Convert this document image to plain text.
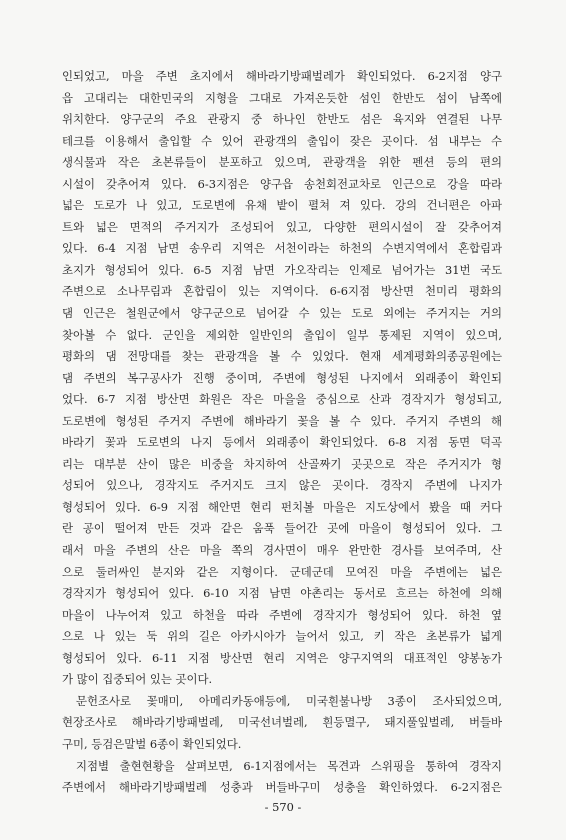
인되었고, 마을 주변 초지에서 해바라기방패벌레가 확인되었다. 6-2지점 양구
읍 고대리는 대한민국의 지형을 그대로 가져온듯한 섬인 한반도 섬이 남쪽에
위치한다. 양구군의 주요 관광지 중 하나인 한반도 섬은 육지와 연결된 나무
테크를 이용해서 출입할 수 있어 관광객의 출입이 잦은 곳이다. 섬 내부는 수
생식물과 작은 초본류들이 분포하고 있으며, 관광객을 위한 펜션 등의 편의
시설이 갖추어져 있다. 6-3지점은 양구읍 송천회전교차로 인근으로 강을 따라
넓은 도로가 나 있고, 도로변에 유채 밭이 펼쳐 져 있다. 강의 건너편은 아파
트와 넓은 면적의 주거지가 조성되어 있고, 다양한 편의시설이 잘 갖추어져
있다. 6-4 지점 남면 송우리 지역은 서천이라는 하천의 수변지역에서 혼합림과
초지가 형성되어 있다. 6-5 지점 남면 가오작리는 인제로 넘어가는 31번 국도
주변으로 소나무림과 혼합림이 있는 지역이다. 6-6지점 방산면 천미리 평화의
댐 인근은 철원군에서 양구군으로 넘어갈 수 있는 도로 외에는 주거지는 거의
찾아볼 수 없다. 군인을 제외한 일반인의 출입이 일부 통제된 지역이 있으며,
평화의 댐 전망대를 찾는 관광객을 볼 수 있었다. 현재 세계평화의종공원에는
댐 주변의 복구공사가 진행 중이며, 주변에 형성된 나지에서 외래종이 확인되
었다. 6-7 지점 방산면 화원은 작은 마을을 중심으로 산과 경작지가 형성되고,
도로변에 형성된 주거지 주변에 해바라기 꽃을 볼 수 있다. 주거지 주변의 해
바라기 꽃과 도로변의 나지 등에서 외래종이 확인되었다. 6-8 지점 동면 덕곡
리는 대부분 산이 많은 비중을 차지하여 산골짜기 곳곳으로 작은 주거지가 형
성되어 있으나, 경작지도 주거지도 크지 않은 곳이다. 경작지 주변에 나지가
형성되어 있다. 6-9 지점 해안면 현리 펀치볼 마을은 지도상에서 봤을 때 커다
란 공이 떨어져 만든 것과 같은 움푹 들어간 곳에 마을이 형성되어 있다. 그
래서 마을 주변의 산은 마을 쪽의 경사면이 매우 완만한 경사를 보여주며, 산
으로 둘러싸인 분지와 같은 지형이다. 군데군데 모여진 마을 주변에는 넓은
경작지가 형성되어 있다. 6-10 지점 남면 야촌리는 동서로 흐르는 하천에 의해
마을이 나누어져 있고 하천을 따라 주변에 경작지가 형성되어 있다. 하천 옆
으로 나 있는 둑 위의 길은 아카시아가 늘어서 있고, 키 작은 초본류가 넓게
형성되어 있다. 6-11 지점 방산면 현리 지역은 양구지역의 대표적인 양봉농가
가 많이 집중되어 있는 곳이다.
문헌조사로 꽃매미, 아메리카동애등에, 미국흰불나방 3종이 조사되었으며,
현장조사로 해바라기방패벌레, 미국선녀벌레, 흰등멸구, 돼지풀잎벌레, 버들바
구미, 등검은말벌 6종이 확인되었다.
지점별 출현현황을 살펴보면, 6-1지점에서는 목견과 스위핑을 통하여 경작지
주변에서 해바라기방패벌레 성충과 버들바구미 성충을 확인하였다. 6-2지점은
- 570 -
